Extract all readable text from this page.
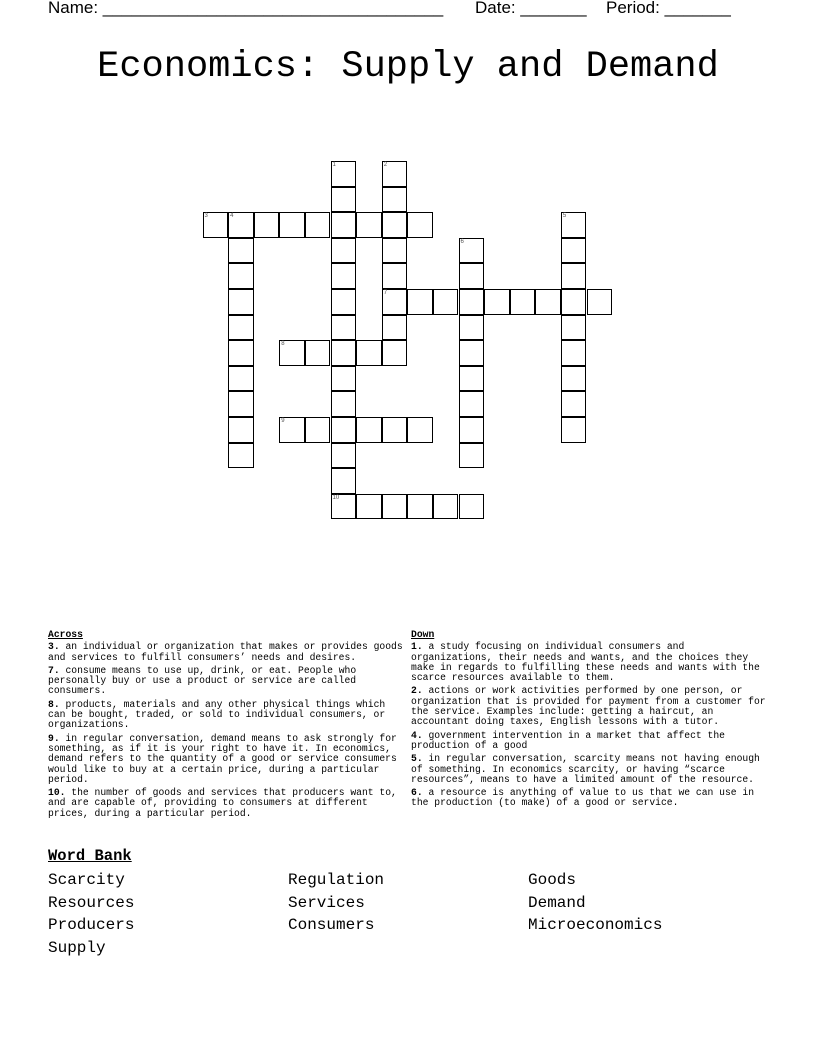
Name: ____________________________________ Date: _______ Period: _______
Economics: Supply and Demand
1
10
2
7
3	4	5
6
8
9
Across
3. an individual or organization that makes or provides goods and services to fulfill consumers’ needs and desires.
7. consume means to use up, drink, or eat. People who personally buy or use a product or service are called consumers.
8. products, materials and any other physical things which can be bought, traded, or sold to individual consumers, or organizations.
9. in regular conversation, demand means to ask strongly for something, as if it is your right to have it. In economics, demand refers to the quantity of a good or service consumers would like to buy at a certain price, during a particular period.
10. the number of goods and services that producers want to, and are capable of, providing to consumers at different prices, during a particular period.
Down
1. a study focusing on individual consumers and organizations, their needs and wants, and the choices they make in regards to fulfilling these needs and wants with the scarce resources available to them.
2. actions or work activities performed by one person, or organization that is provided for payment from a customer for the service. Examples include: getting a haircut, an accountant doing taxes, English lessons with a tutor.
4. government intervention in a market that affect the production of a good
5. in regular conversation, scarcity means not having enough of something. In economics scarcity, or having “scarce resources”, means to have a limited amount of the resource.
6. a resource is anything of value to us that we can use in the production (to make) of a good or service.
Word Bank
Scarcity	Regulation	Goods
Resources	Services	Demand
Producers	Consumers	Microeconomics
Supply
